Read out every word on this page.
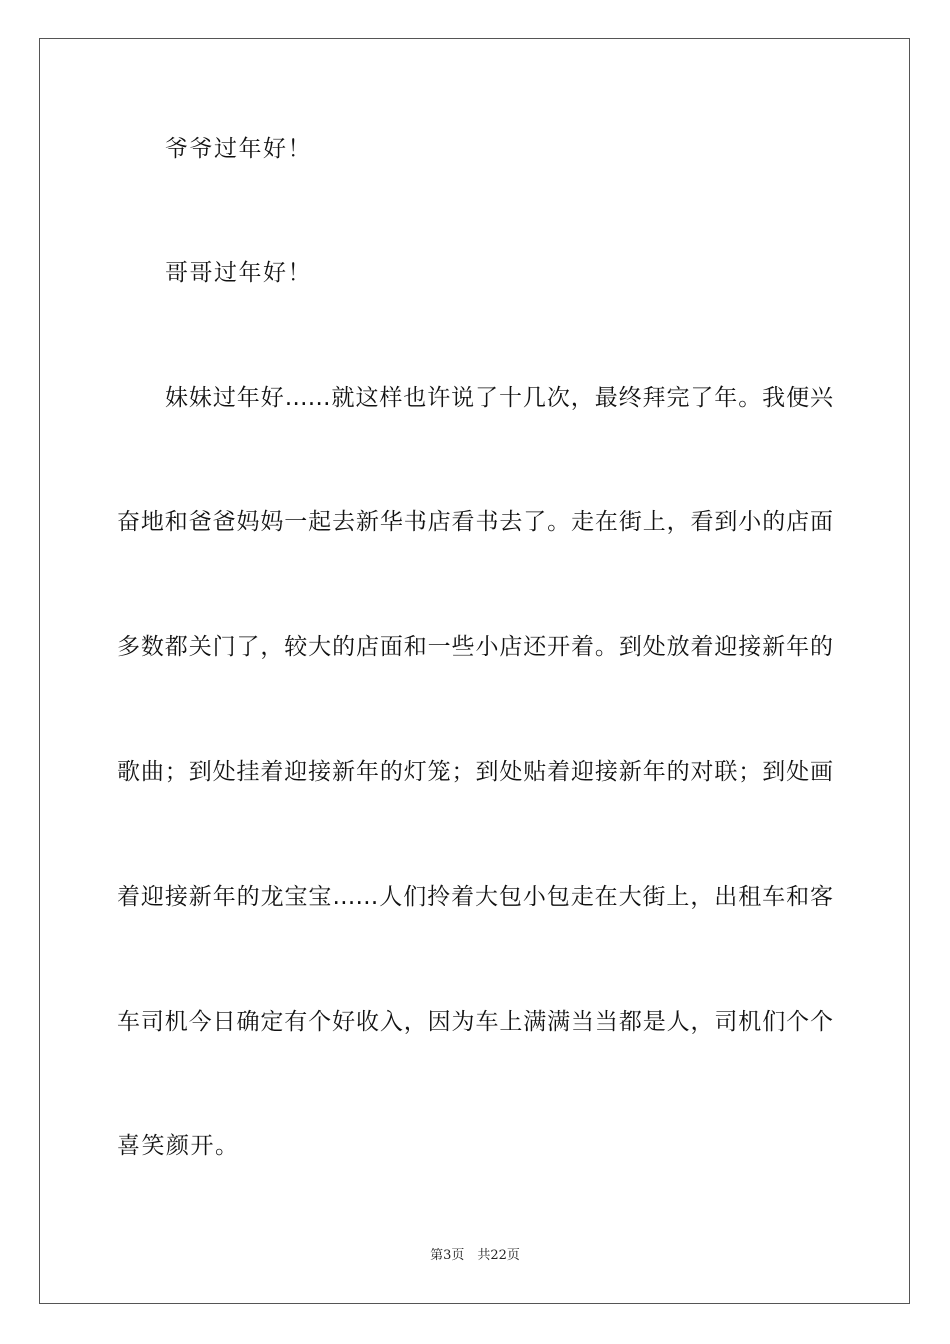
爷爷过年好！
哥哥过年好！
妹妹过年好……就这样也许说了十几次，最终拜完了年。我便兴
奋地和爸爸妈妈一起去新华书店看书去了。走在街上，看到小的店面
多数都关门了，较大的店面和一些小店还开着。到处放着迎接新年的
歌曲；到处挂着迎接新年的灯笼；到处贴着迎接新年的对联；到处画
着迎接新年的龙宝宝……人们拎着大包小包走在大街上，出租车和客
车司机今日确定有个好收入，因为车上满满当当都是人，司机们个个
喜笑颜开。
第3页　共22页
